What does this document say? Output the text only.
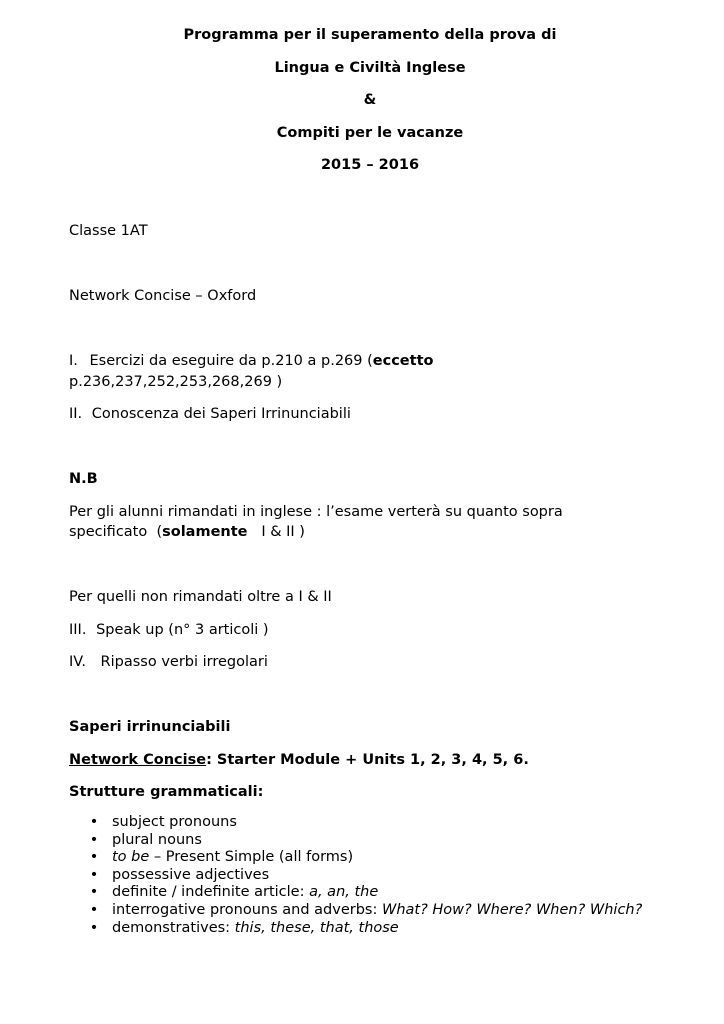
Programma per il superamento della prova di
Lingua e Civiltà Inglese
&
Compiti per le vacanze
2015 – 2016
Classe 1AT
Network Concise – Oxford
I. Esercizi da eseguire da p.210 a p.269 (eccetto
p.236,237,252,253,268,269 )
II. Conoscenza dei Saperi Irrinunciabili
N.B
Per gli alunni rimandati in inglese : l’esame verterà su quanto sopra
specificato  (solamente   I & II )
Per quelli non rimandati oltre a I & II
III. Speak up (n° 3 articoli )
IV. Ripasso verbi irregolari
Saperi irrinunciabili
Network Concise: Starter Module + Units 1, 2, 3, 4, 5, 6.
Strutture grammaticali:
• subject pronouns
• plural nouns
• to be – Present Simple (all forms)
• possessive adjectives
• definite / indefinite article: a, an, the
• interrogative pronouns and adverbs: What? How? Where? When? Which?
• demonstratives: this, these, that, those
